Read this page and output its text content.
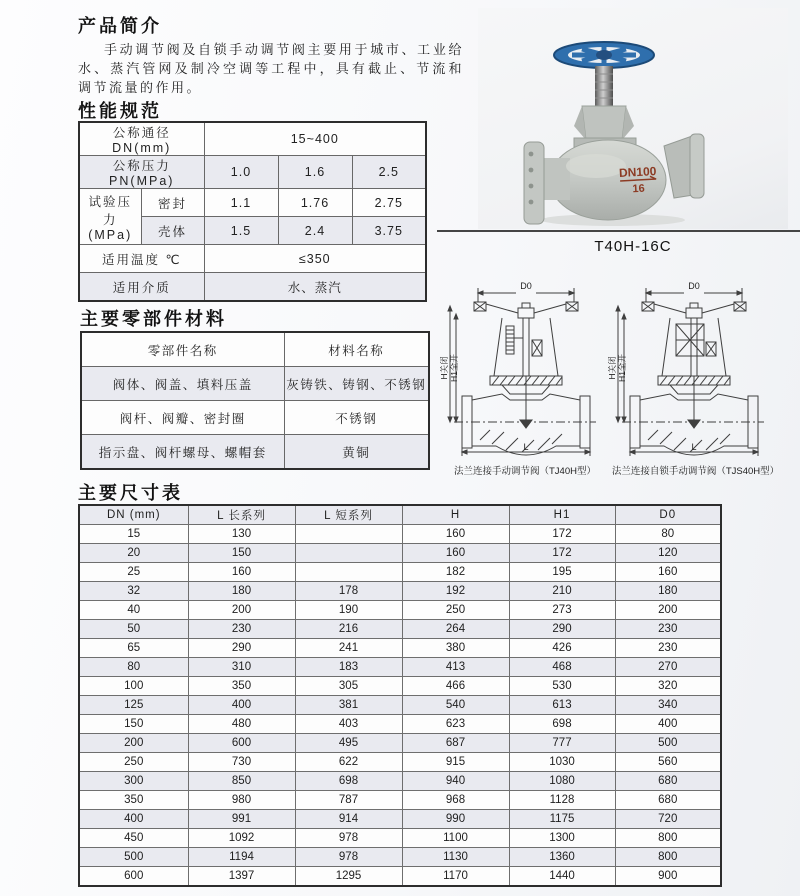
产品简介
手动调节阀及自锁手动调节阀主要用于城市、工业给水、蒸汽管网及制冷空调等工程中，具有截止、节流和调节流量的作用。
性能规范
公称通径 DN(mm)		15~400		
公称压力 PN(MPa)		1.0	1.6	2.5
试验压力
(MPa)	密封	1.1	1.76	2.75
	壳体	1.5	2.4	3.75
适用温度 ℃		≤350		
适用介质		水、蒸汽		
主要零部件材料
零部件名称	材料名称
阀体、阀盖、填料压盖	灰铸铁、铸钢、不锈钢
阀杆、阀瓣、密封圈	不锈钢
指示盘、阀杆螺母、螺帽套	黄铜
DN100
16
T40H-16C
D0
H关闭 H1全开
L
法兰连接手动调节阀（TJ40H型）
D0
H关闭 H1全开
L
法兰连接自锁手动调节阀（TJS40H型）
主要尺寸表
DN (mm)	L 长系列	L 短系列	H	H1	D0
15	130		160	172	80
20	150		160	172	120
25	160		182	195	160
32	180	178	192	210	180
40	200	190	250	273	200
50	230	216	264	290	230
65	290	241	380	426	230
80	310	183	413	468	270
100	350	305	466	530	320
125	400	381	540	613	340
150	480	403	623	698	400
200	600	495	687	777	500
250	730	622	915	1030	560
300	850	698	940	1080	680
350	980	787	968	1128	680
400	991	914	990	1175	720
450	1092	978	1100	1300	800
500	1194	978	1130	1360	800
600	1397	1295	1170	1440	900
